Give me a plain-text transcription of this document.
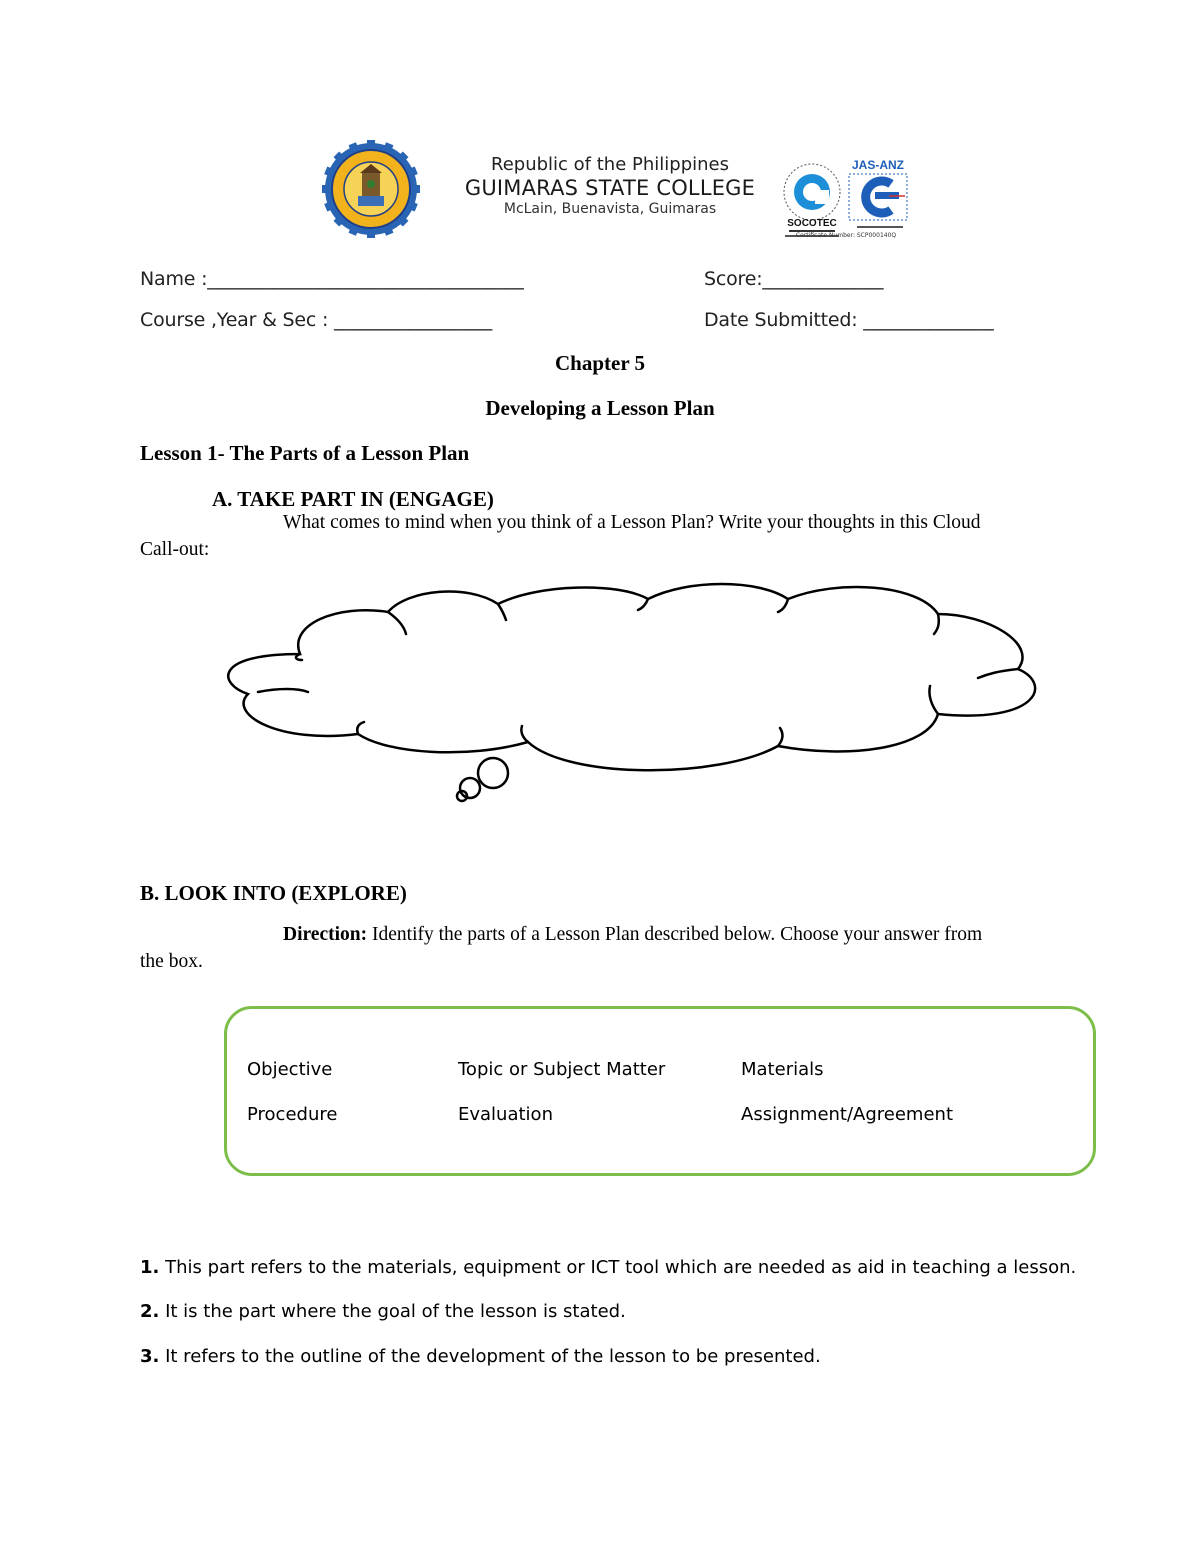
Republic of the Philippines
GUIMARAS STATE COLLEGE
McLain, Buenavista, Guimaras
SOCOTEC
JAS-ANZ
Certificate Number: SCP000140Q
Name :__________________________________	Score:_____________
Course ,Year & Sec : _________________	Date Submitted: ______________
Chapter 5
Developing a Lesson Plan
Lesson 1- The Parts of a Lesson Plan
A. TAKE PART IN (ENGAGE)
What comes to mind when you think of a Lesson Plan? Write your thoughts in this Cloud
Call-out:
B. LOOK INTO (EXPLORE)
Direction: Identify the parts of a Lesson Plan described below. Choose your answer from
the box.
Objective	Topic or Subject Matter	Materials
Procedure	Evaluation	Assignment/Agreement
1. This part refers to the materials, equipment or ICT tool which are needed as aid in teaching a lesson.
2. It is the part where the goal of the lesson is stated.
3. It refers to the outline of the development of the lesson to be presented.
